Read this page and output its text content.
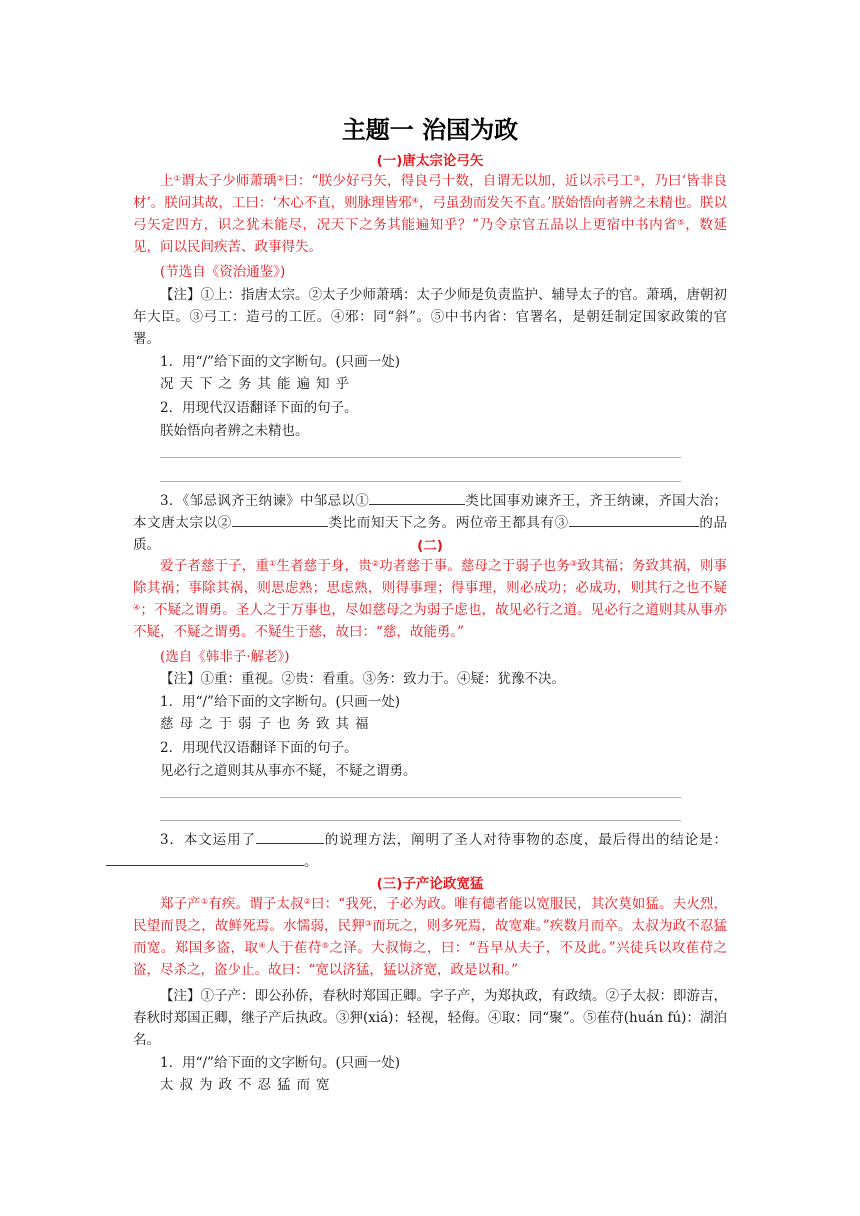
主题一 治国为政
(一)唐太宗论弓矢

上①谓太子少师萧瑀②曰：“朕少好弓矢，得良弓十数，自谓无以加，近以示弓工③，乃曰‘皆非良材’。朕问其故，工曰：‘木心不直，则脉理皆邪④，弓虽劲而发矢不直。’朕始悟向者辨之未精也。朕以弓矢定四方，识之犹未能尽，况天下之务其能遍知乎？”乃令京官五品以上更宿中书内省⑤，数延见，问以民间疾苦、政事得失。

(节选自《资治通鉴》)

【注】①上：指唐太宗。②太子少师萧瑀：太子少师是负责监护、辅导太子的官。萧瑀，唐朝初年大臣。③弓工：造弓的工匠。④邪：同“斜”。⑤中书内省：官署名，是朝廷制定国家政策的官署。

1．用“/”给下面的文字断句。(只画一处)
况天下之务其能遍知乎
2．用现代汉语翻译下面的句子。
朕始悟向者辨之未精也。

3．《邹忌讽齐王纳谏》中邹忌以①	类比国事劝谏齐王，齐王纳谏，齐国大治；本文唐太宗以②	类比而知天下之务。两位帝王都具有③	的品质。	(二)

爱子者慈于子，重①生者慈于身，贵②功者慈于事。慈母之于弱子也务③致其福；务致其祸，则事除其祸；事除其祸，则思虑熟；思虑熟，则得事理；得事理，则必成功；必成功，则其行之也不疑④；不疑之谓勇。圣人之于万事也，尽如慈母之为弱子虑也，故见必行之道。见必行之道则其从事亦不疑，不疑之谓勇。不疑生于慈，故曰：“慈，故能勇。”

(选自《韩非子·解老》)

【注】①重：重视。②贵：看重。③务：致力于。④疑：犹豫不决。

1．用“/”给下面的文字断句。(只画一处)
慈母之于弱子也务致其福
2．用现代汉语翻译下面的句子。
见必行之道则其从事亦不疑，不疑之谓勇。

3．本文运用了	的说理方法，阐明了圣人对待事物的态度，最后得出的结论是：。

(三)子产论政宽猛

郑子产①有疾。谓子太叔②曰：“我死，子必为政。唯有德者能以宽服民，其次莫如猛。夫火烈，民望而畏之，故鲜死焉。水懦弱，民狎③而玩之，则多死焉，故宽难。”疾数月而卒。太叔为政不忍猛而宽。郑国多盗，取④人于萑苻⑤之泽。大叔悔之，曰：“吾早从夫子，不及此。”兴徒兵以攻萑苻之盗，尽杀之，盗少止。故曰：“宽以济猛，猛以济宽，政是以和。”

【注】①子产：即公孙侨，春秋时郑国正卿。字子产，为郑执政，有政绩。②子太叔：即游吉，春秋时郑国正卿，继子产后执政。③狎(xiá)：轻视，轻侮。④取：同“聚”。⑤萑苻(huán fú)：湖泊名。

1．用“/”给下面的文字断句。(只画一处)
太叔为政不忍猛而宽
